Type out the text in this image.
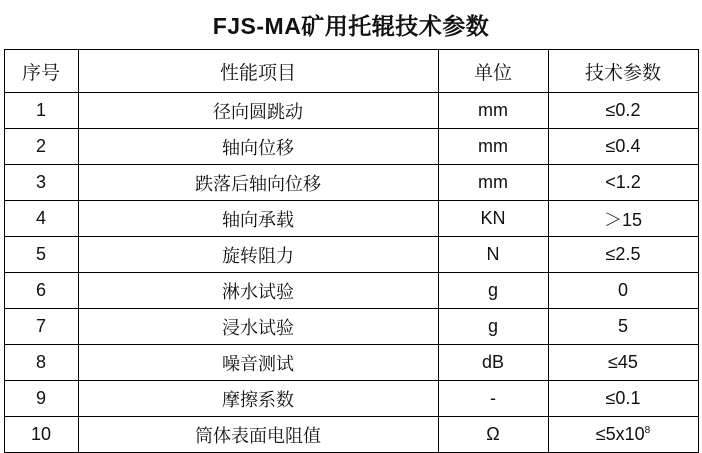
FJS-MA矿用托辊技术参数
序号	性能项目	单位	技术参数
1	径向圆跳动	mm	≤0.2
2	轴向位移	mm	≤0.4
3	跌落后轴向位移	mm	<1.2
4	轴向承载	KN	＞15
5	旋转阻力	N	≤2.5
6	淋水试验	g	0
7	浸水试验	g	5
8	噪音测试	dB	≤45
9	摩擦系数	-	≤0.1
10	筒体表面电阻值	Ω	$\le 5x10^8$
